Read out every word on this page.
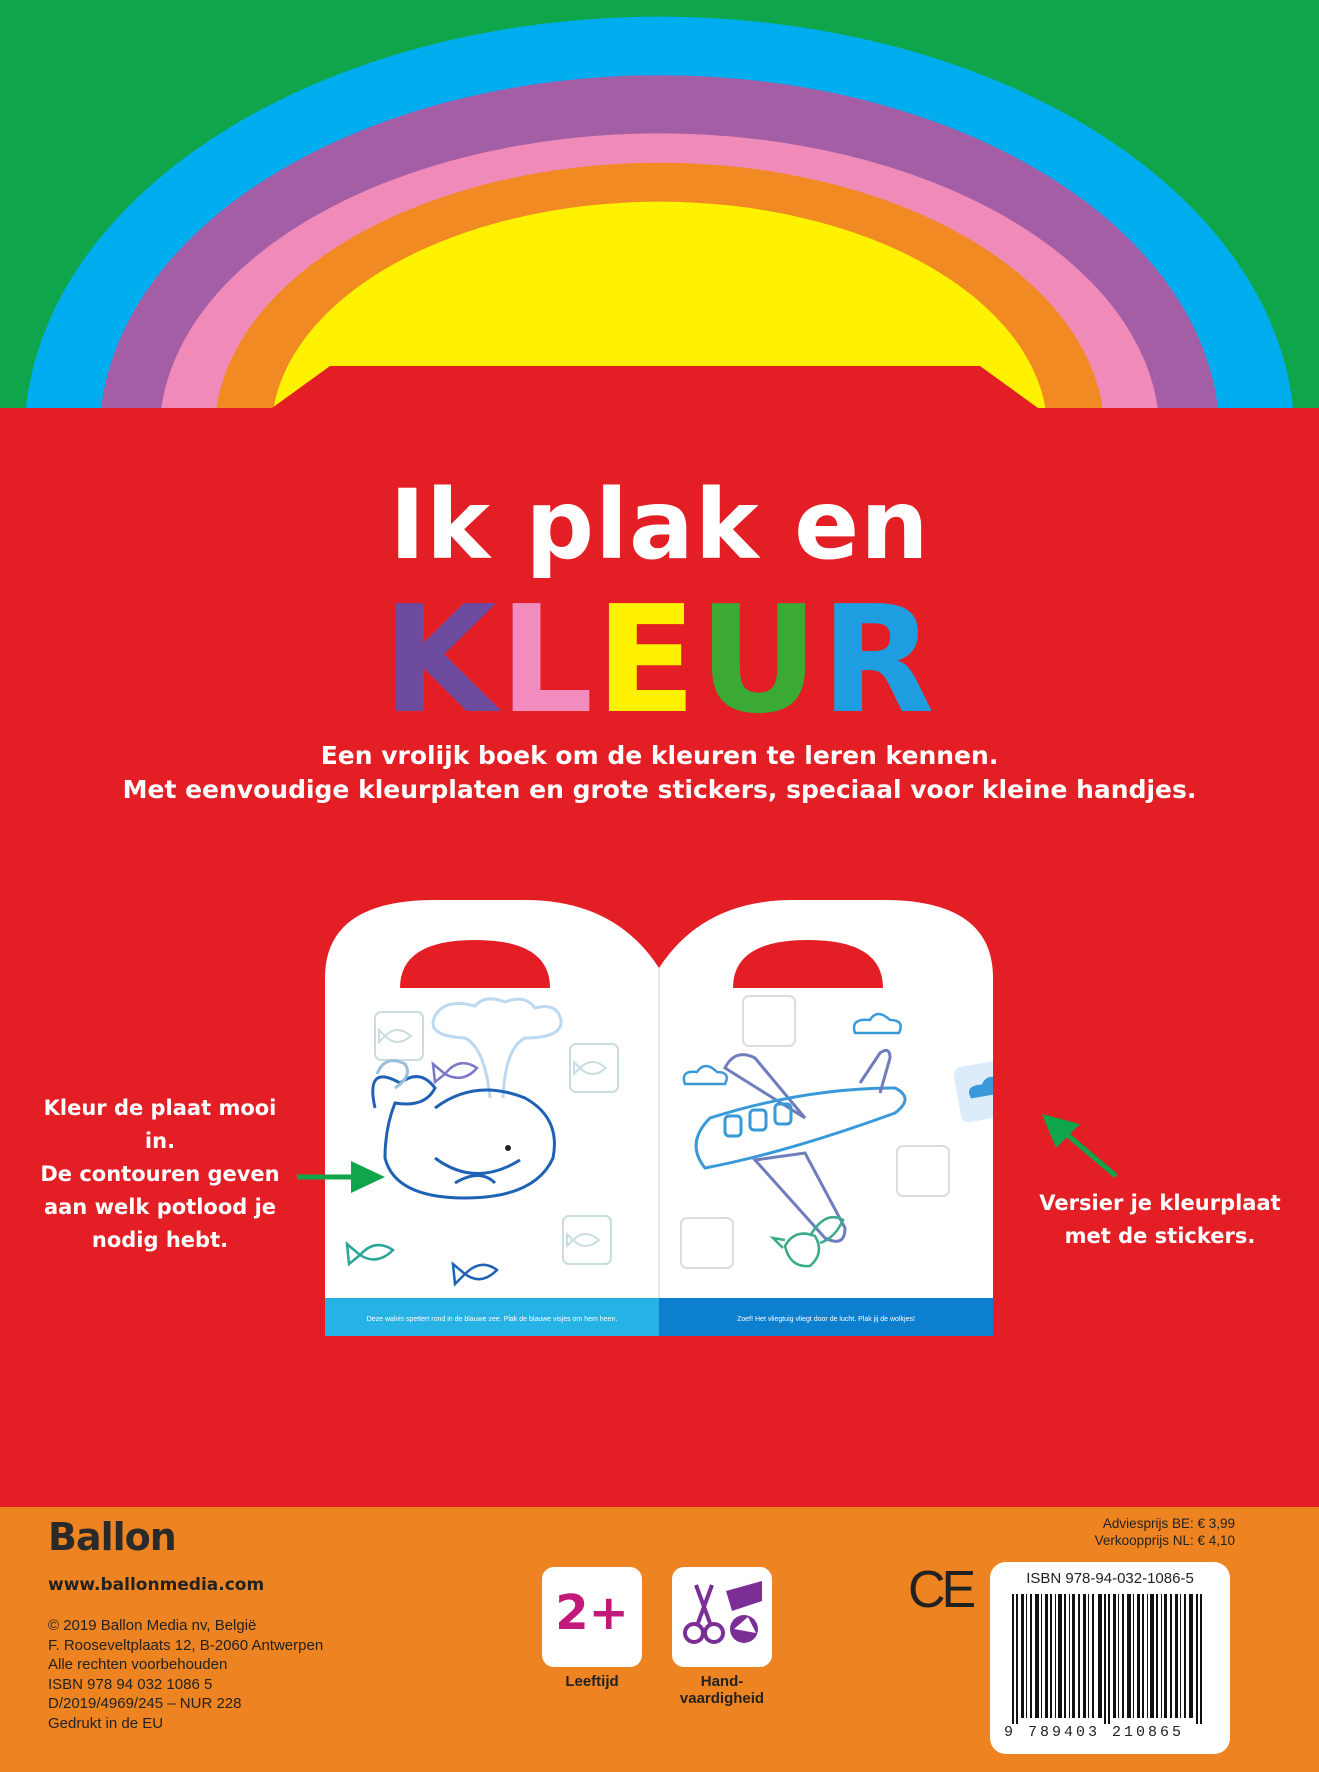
Ik plak en
KLEUR
Een vrolijk boek om de kleuren te leren kennen.
Met eenvoudige kleurplaten en grote stickers, speciaal voor kleine handjes.
Deze walvis spettert rond in de blauwe zee. Plak de blauwe visjes om hem heen.	Zoef! Het vliegtuig vliegt door de lucht. Plak jij de wolkjes!
Kleur de plaat mooi in.
De contouren geven
aan welk potlood je
nodig hebt.
Versier je kleurplaat
met de stickers.
Ballon
www.ballonmedia.com
© 2019 Ballon Media nv, België
F. Rooseveltplaats 12, B-2060 Antwerpen
Alle rechten voorbehouden
ISBN 978 94 032 1086 5
D/2019/4969/245 – NUR 228
Gedrukt in de EU
2+
Leeftijd	Hand-
vaardigheid
CE
Adviesprijs BE: € 3,99
Verkoopprijs NL: € 4,10
ISBN 978-94-032-1086-5
9 789403 210865
